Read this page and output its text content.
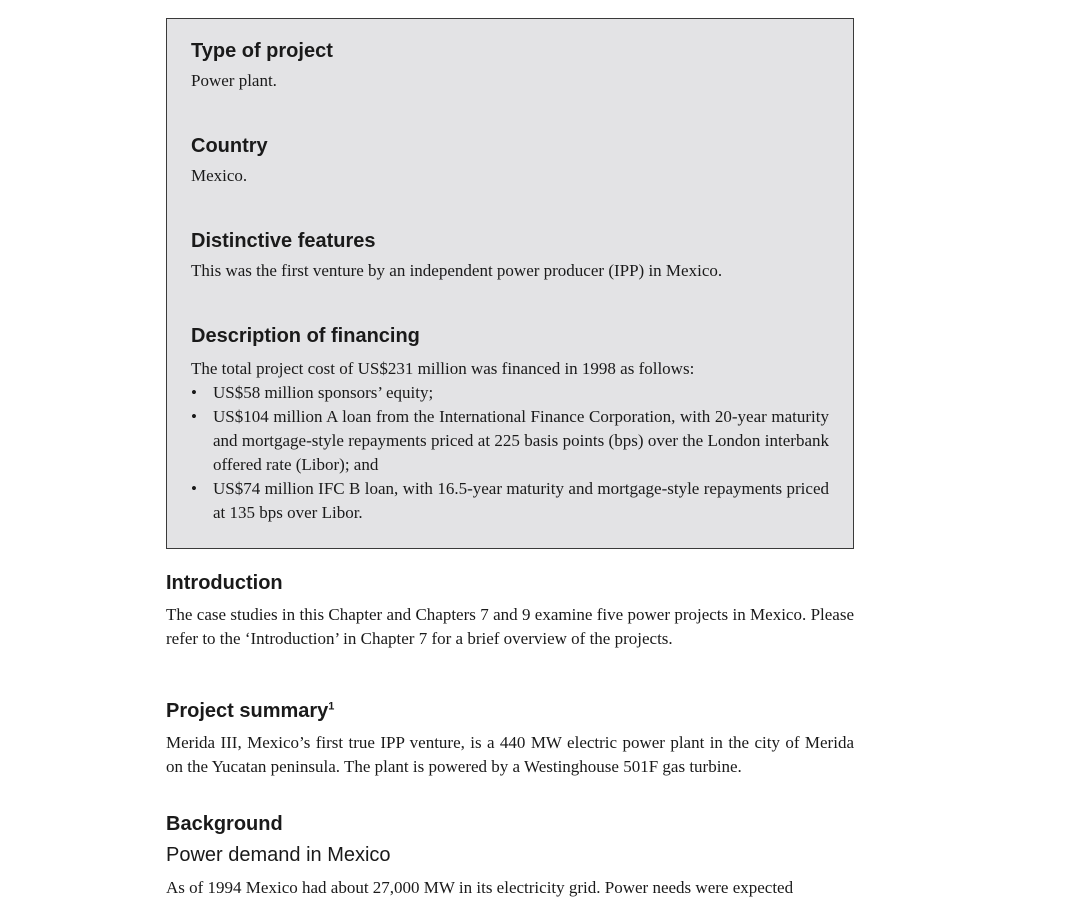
Type of project

Power plant.

Country

Mexico.

Distinctive features

This was the first venture by an independent power producer (IPP) in Mexico.

Description of financing

The total project cost of US$231 million was financed in 1998 as follows:

• US$58 million sponsors’ equity;
• US$104 million A loan from the International Finance Corporation, with 20-year maturity and mortgage-style repayments priced at 225 basis points (bps) over the London interbank offered rate (Libor); and
• US$74 million IFC B loan, with 16.5-year maturity and mortgage-style repayments priced at 135 bps over Libor.
Introduction

The case studies in this Chapter and Chapters 7 and 9 examine five power projects in Mexico. Please refer to the ‘Introduction’ in Chapter 7 for a brief overview of the projects.

Project summary$^1$

Merida III, Mexico’s first true IPP venture, is a 440 MW electric power plant in the city of Merida on the Yucatan peninsula. The plant is powered by a Westinghouse 501F gas turbine.

Background
Power demand in Mexico

As of 1994 Mexico had about 27,000 MW in its electricity grid. Power needs were expected
